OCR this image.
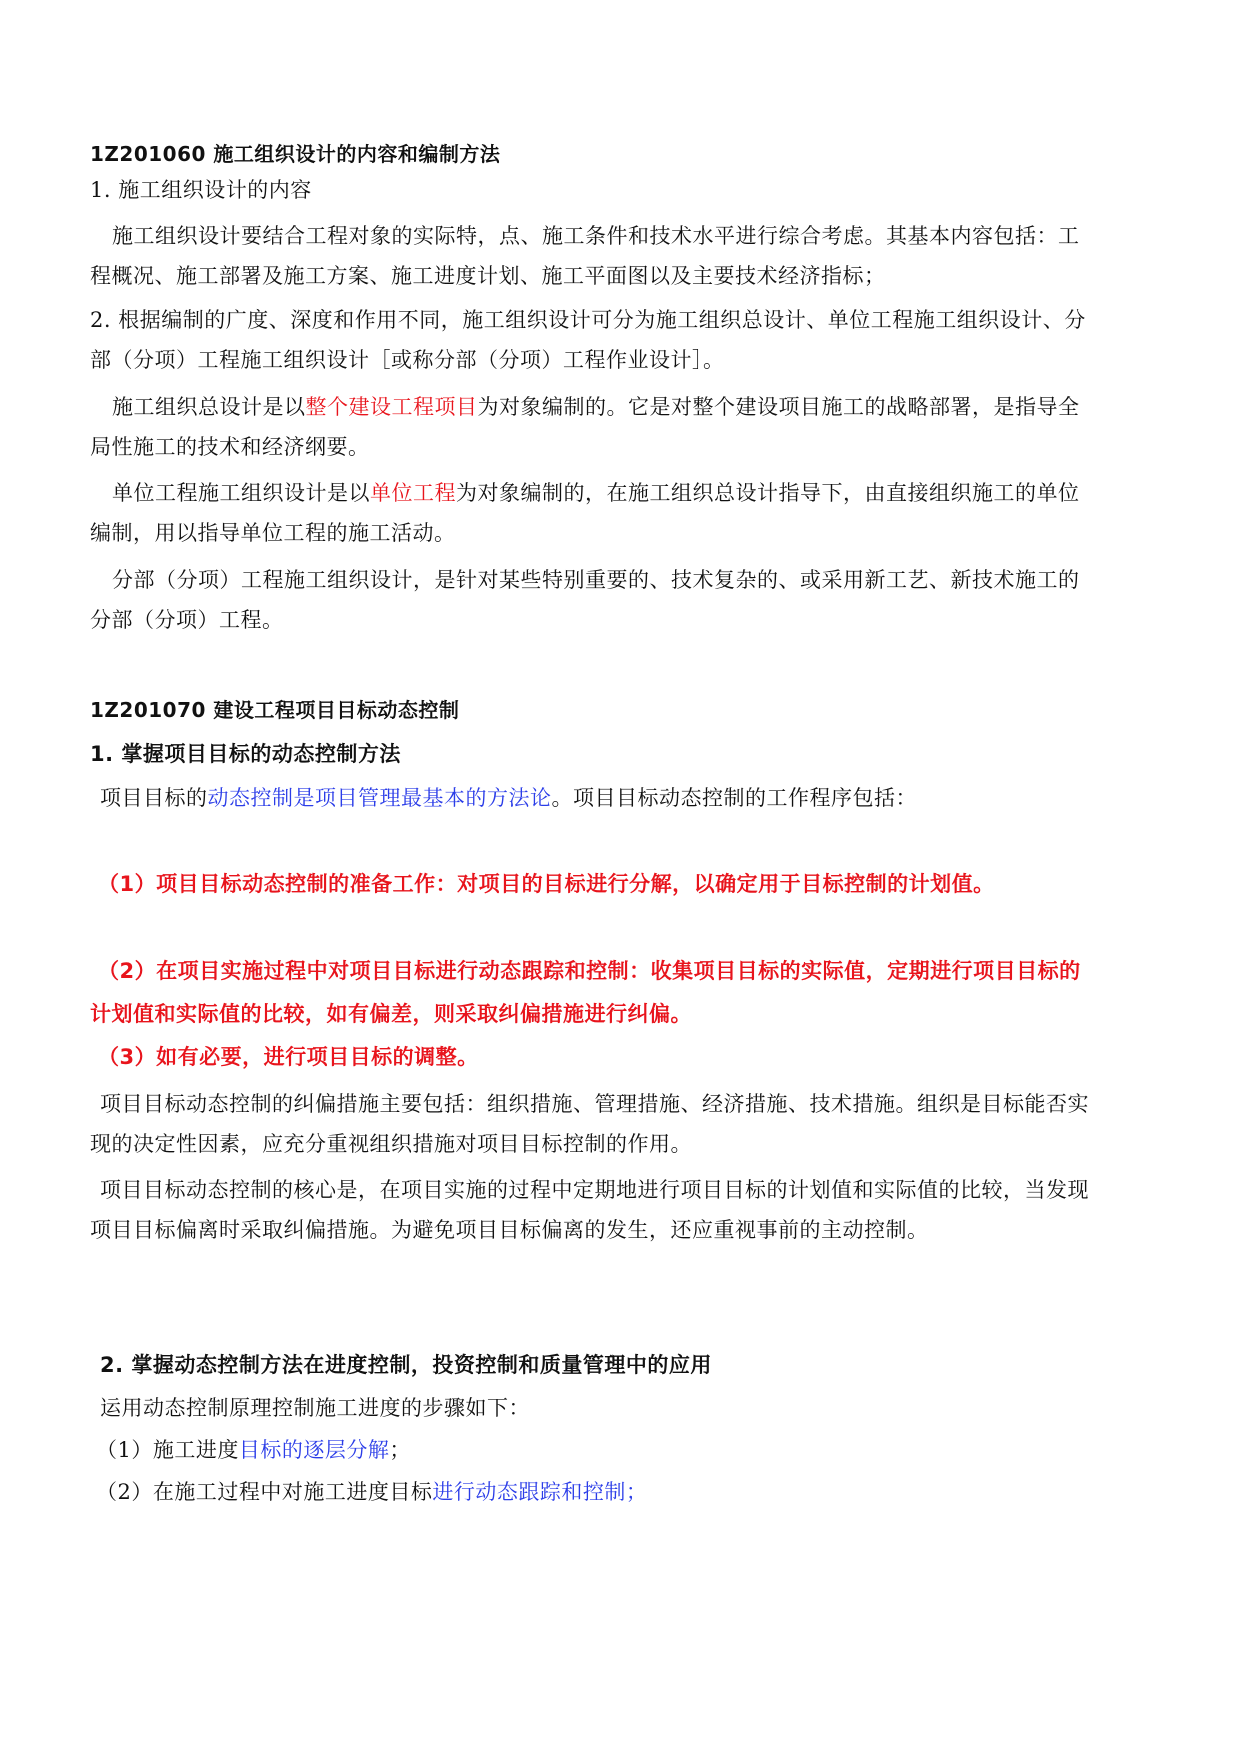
1Z201060 施工组织设计的内容和编制方法
1. 施工组织设计的内容
施工组织设计要结合工程对象的实际特，点、施工条件和技术水平进行综合考虑。其基本内容包括：工
程概况、施工部署及施工方案、施工进度计划、施工平面图以及主要技术经济指标；
2. 根据编制的广度、深度和作用不同，施工组织设计可分为施工组织总设计、单位工程施工组织设计、分
部（分项）工程施工组织设计［或称分部（分项）工程作业设计］。
施工组织总设计是以整个建设工程项目为对象编制的。它是对整个建设项目施工的战略部署，是指导全
局性施工的技术和经济纲要。
单位工程施工组织设计是以单位工程为对象编制的，在施工组织总设计指导下，由直接组织施工的单位
编制，用以指导单位工程的施工活动。
分部（分项）工程施工组织设计，是针对某些特别重要的、技术复杂的、或采用新工艺、新技术施工的
分部（分项）工程。
1Z201070 建设工程项目目标动态控制
1. 掌握项目目标的动态控制方法
项目目标的动态控制是项目管理最基本的方法论。项目目标动态控制的工作程序包括：
（1）项目目标动态控制的准备工作：对项目的目标进行分解，以确定用于目标控制的计划值。
（2）在项目实施过程中对项目目标进行动态跟踪和控制：收集项目目标的实际值，定期进行项目目标的
计划值和实际值的比较，如有偏差，则采取纠偏措施进行纠偏。
（3）如有必要，进行项目目标的调整。
项目目标动态控制的纠偏措施主要包括：组织措施、管理措施、经济措施、技术措施。组织是目标能否实
现的决定性因素，应充分重视组织措施对项目目标控制的作用。
项目目标动态控制的核心是，在项目实施的过程中定期地进行项目目标的计划值和实际值的比较，当发现
项目目标偏离时采取纠偏措施。为避免项目目标偏离的发生，还应重视事前的主动控制。
2. 掌握动态控制方法在进度控制，投资控制和质量管理中的应用
运用动态控制原理控制施工进度的步骤如下：
（1）施工进度目标的逐层分解；
（2）在施工过程中对施工进度目标进行动态跟踪和控制；
